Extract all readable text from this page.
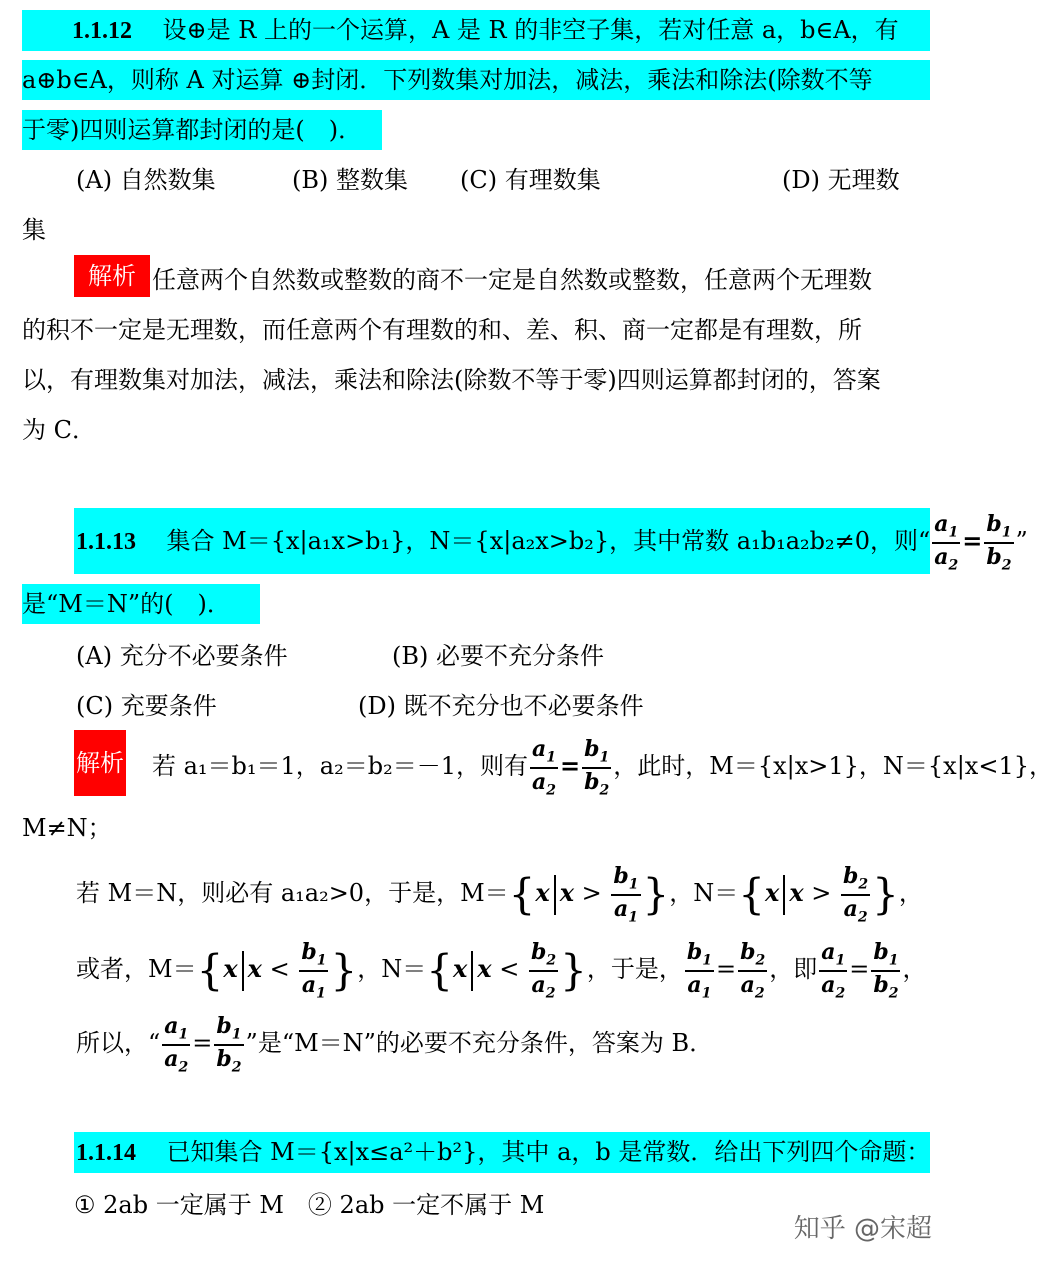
1.1.12 设⊕是 R 上的一个运算，A 是 R 的非空子集，若对任意 a，b∈A，有
a⊕b∈A，则称 A 对运算 ⊕封闭．下列数集对加法，减法，乘法和除法(除数不等
于零)四则运算都封闭的是(　)．
(A) 自然数集	(B) 整数集 (C) 有理数集	(D) 无理数
集
解析 任意两个自然数或整数的商不一定是自然数或整数，任意两个无理数
的积不一定是无理数，而任意两个有理数的和、差、积、商一定都是有理数，所
以，有理数集对加法，减法，乘法和除法(除数不等于零)四则运算都封闭的，答案
为 C．
1.1.13 集合 M＝{x|a₁x>b₁}，N＝{x|a₂x>b₂}，其中常数 a₁b₁a₂b₂≠0，则“ $\frac{a_1}{a_2} = \frac{b_1}{b_2}$ ”
是“M＝N”的(　)．
(A) 充分不必要条件	(B) 必要不充分条件
(C) 充要条件	(D) 既不充分也不必要条件
解析 若 a₁＝b₁＝1，a₂＝b₂＝－1，则有 $\frac{a_1}{a_2} = \frac{b_1}{b_2}$ ，此时，M＝{x|x>1}，N＝{x|x<1}，
M≠N；
若 M＝N，则必有 a₁a₂>0，于是，M＝{x $x > \frac{b_1}{a_1}$ }，N＝{x $x > \frac{b_2}{a_2}$ }，
或者，M＝{x $x < \frac{b_1}{a_1}$ }，N＝{x $x < \frac{b_2}{a_2}$ }，于是， $\frac{b_1}{a_1} = \frac{b_2}{a_2}$ ，即 $\frac{a_1}{a_2} = \frac{b_1}{b_2}$ ，
所以，“ $\frac{a_1}{a_2} = \frac{b_1}{b_2}$ ”是“M＝N”的必要不充分条件，答案为 B．
1.1.14 已知集合 M＝{x|x≤a²＋b²}，其中 a，b 是常数．给出下列四个命题：
① 2ab 一定属于 M　② 2ab 一定不属于 M
知乎 @宋超
